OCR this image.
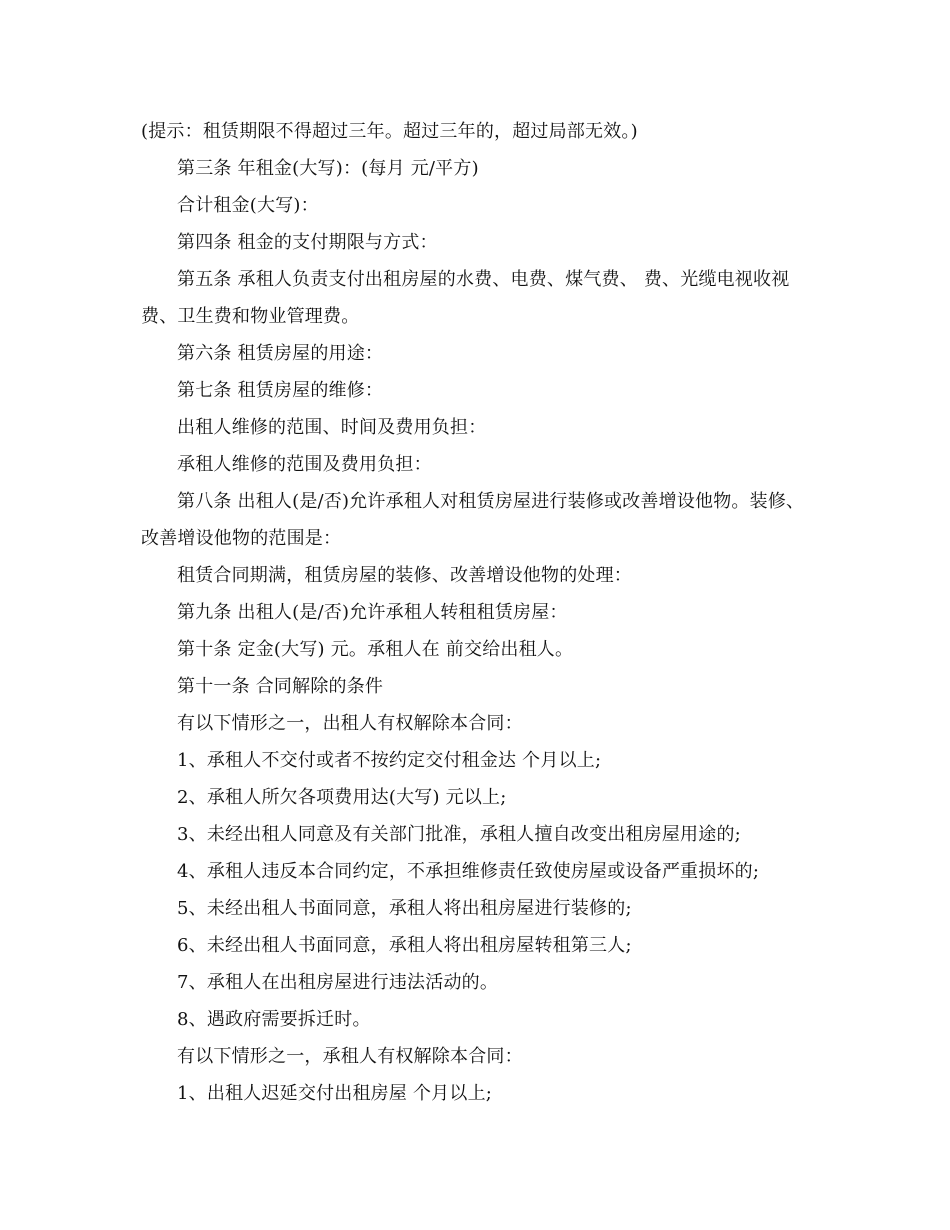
(提示：租赁期限不得超过三年。超过三年的，超过局部无效。)

第三条 年租金(大写)：(每月 元/平方)

合计租金(大写)：

第四条 租金的支付期限与方式：

第五条 承租人负责支付出租房屋的水费、电费、煤气费、 费、光缆电视收视费、卫生费和物业管理费。

第六条 租赁房屋的用途：

第七条 租赁房屋的维修：

出租人维修的范围、时间及费用负担：

承租人维修的范围及费用负担：

第八条 出租人(是/否)允许承租人对租赁房屋进行装修或改善增设他物。装修、改善增设他物的范围是：

租赁合同期满，租赁房屋的装修、改善增设他物的处理：

第九条 出租人(是/否)允许承租人转租租赁房屋：

第十条 定金(大写) 元。承租人在 前交给出租人。

第十一条 合同解除的条件

有以下情形之一，出租人有权解除本合同：

1、承租人不交付或者不按约定交付租金达 个月以上;

2、承租人所欠各项费用达(大写) 元以上;

3、未经出租人同意及有关部门批准，承租人擅自改变出租房屋用途的;

4、承租人违反本合同约定，不承担维修责任致使房屋或设备严重损坏的;

5、未经出租人书面同意，承租人将出租房屋进行装修的;

6、未经出租人书面同意，承租人将出租房屋转租第三人;

7、承租人在出租房屋进行违法活动的。

8、遇政府需要拆迁时。

有以下情形之一，承租人有权解除本合同：

1、出租人迟延交付出租房屋 个月以上;
